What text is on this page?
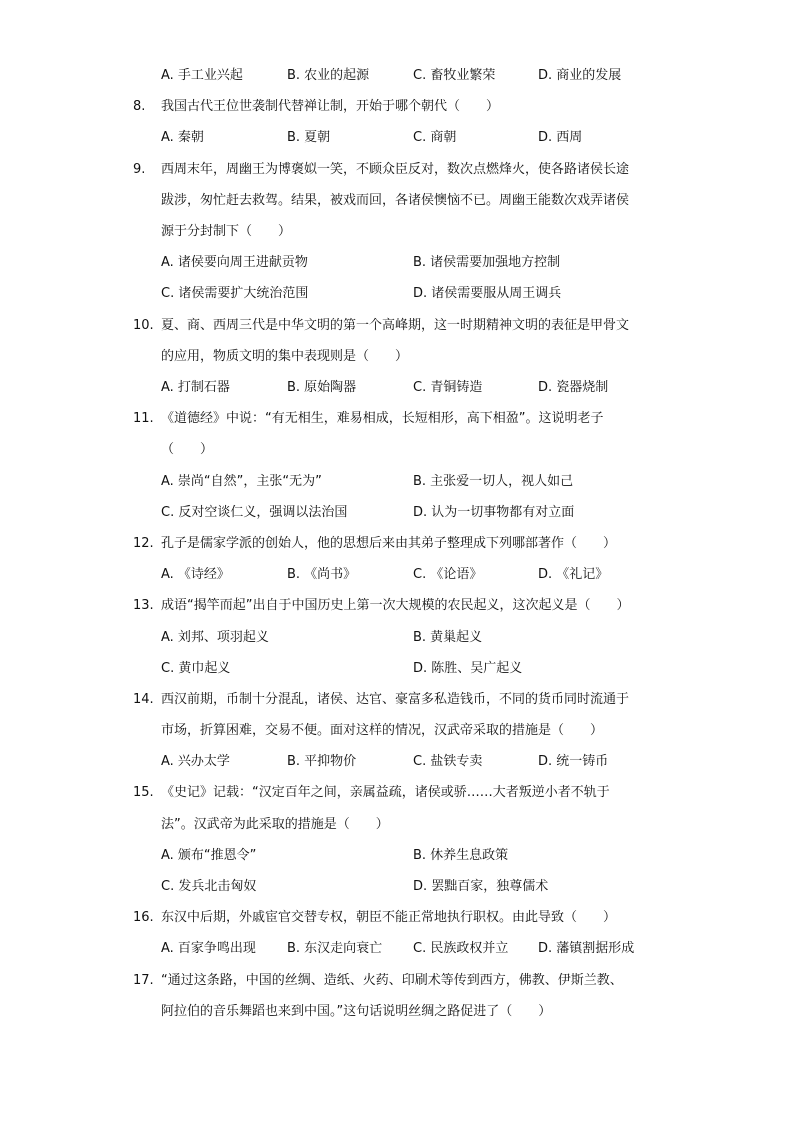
A. 手工业兴起	B. 农业的起源	C. 畜牧业繁荣	D. 商业的发展
8. 我国古代王位世袭制代替禅让制，开始于哪个朝代（　　）
A. 秦朝	B. 夏朝	C. 商朝	D. 西周
9. 西周末年，周幽王为博褒姒一笑，不顾众臣反对，数次点燃烽火，使各路诸侯长途
跋涉，匆忙赶去救驾。结果，被戏而回，各诸侯懊恼不已。周幽王能数次戏弄诸侯
源于分封制下（　　）
A. 诸侯要向周王进献贡物	B. 诸侯需要加强地方控制
C. 诸侯需要扩大统治范围	D. 诸侯需要服从周王调兵
10. 夏、商、西周三代是中华文明的第一个高峰期，这一时期精神文明的表征是甲骨文
的应用，物质文明的集中表现则是（　　）
A. 打制石器	B. 原始陶器	C. 青铜铸造	D. 瓷器烧制
11. 《道德经》中说：“有无相生，难易相成，长短相形，高下相盈”。这说明老子
（　　）
A. 崇尚“自然”，主张“无为”	B. 主张爱一切人，视人如己
C. 反对空谈仁义，强调以法治国	D. 认为一切事物都有对立面
12. 孔子是儒家学派的创始人，他的思想后来由其弟子整理成下列哪部著作（　　）
A. 《诗经》	B. 《尚书》	C. 《论语》	D. 《礼记》
13. 成语“揭竿而起”出自于中国历史上第一次大规模的农民起义，这次起义是（　　）
A. 刘邦、项羽起义	B. 黄巢起义
C. 黄巾起义	D. 陈胜、吴广起义
14. 西汉前期，币制十分混乱，诸侯、达官、豪富多私造钱币，不同的货币同时流通于
市场，折算困难，交易不便。面对这样的情况，汉武帝采取的措施是（　　）
A. 兴办太学	B. 平抑物价	C. 盐铁专卖	D. 统一铸币
15. 《史记》记载：“汉定百年之间，亲属益疏，诸侯或骄……大者叛逆小者不轨于
法”。汉武帝为此采取的措施是（　　）
A. 颁布“推恩令”	B. 休养生息政策
C. 发兵北击匈奴	D. 罢黜百家，独尊儒术
16. 东汉中后期，外戚宦官交替专权，朝臣不能正常地执行职权。由此导致（　　）
A. 百家争鸣出现 B. 东汉走向衰亡 C. 民族政权并立 D. 藩镇割据形成
17. “通过这条路，中国的丝绸、造纸、火药、印刷术等传到西方，佛教、伊斯兰教、
阿拉伯的音乐舞蹈也来到中国。”这句话说明丝绸之路促进了（　　）
